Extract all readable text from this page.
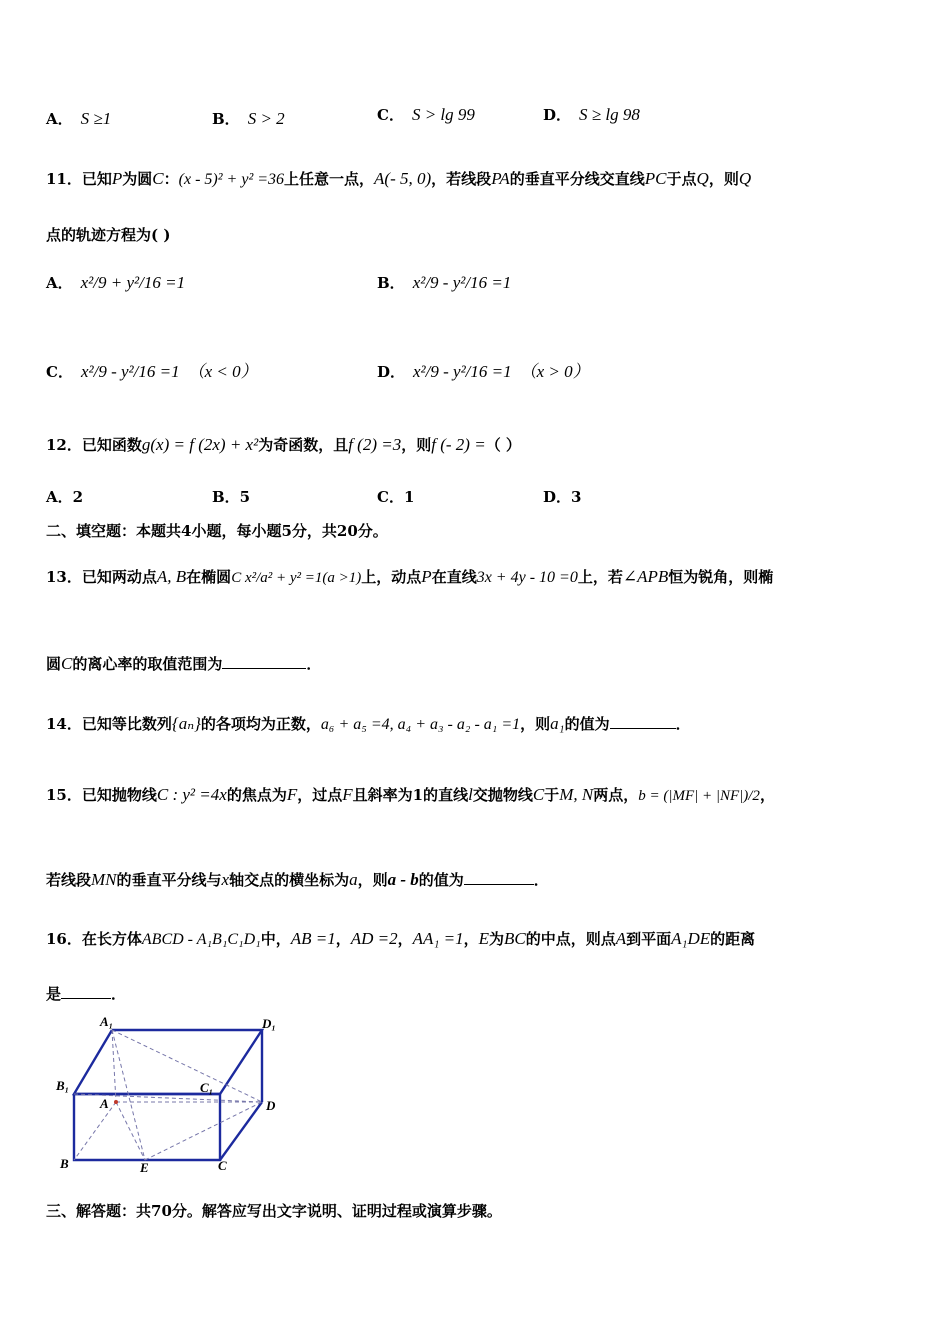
A． S ≥1	B． S > 2	C． S > lg 99	D． S ≥ lg 98
11．已知P为圆C：(x - 5)² + y² =36上任意一点，A(- 5, 0)，若线段PA的垂直平分线交直线PC于点Q，则Q
点的轨迹方程为( )
A． x²/9 + y²/16 =1	B． x²/9 - y²/16 =1
C． x²/9 - y²/16 =1 （x < 0）	D． x²/9 - y²/16 =1 （x > 0）
12．已知函数g(x) = f (2x) + x²为奇函数，且f (2) =3，则f (- 2) =（ ）
A．2	B．5	C．1	D．3
二、填空题：本题共4小题，每小题5分，共20分。
13．已知两动点A, B在椭圆C x²/a² + y² =1(a >1)上，动点P在直线3x + 4y - 10 =0上，若∠APB恒为锐角，则椭
圆C的离心率的取值范围为	．
14．已知等比数列{aₙ}的各项均为正数，a₆ + a₅ =4, a₄ + a₃ - a₂ - a₁ =1，则a₁的值为	．
15．已知抛物线C : y² =4x的焦点为F，过点F且斜率为1的直线l交抛物线C于M, N两点，b = (|MF| + |NF|)/2，
若线段MN的垂直平分线与x轴交点的横坐标为a，则a - b的值为	．
16．在长方体ABCD - A₁B₁C₁D₁中，AB =1，AD =2，AA₁ =1，E为BC的中点，则点A到平面A₁DE的距离
是	．
A₁	D₁
B₁	C₁
A	D
B	E	C
三、解答题：共70分。解答应写出文字说明、证明过程或演算步骤。
